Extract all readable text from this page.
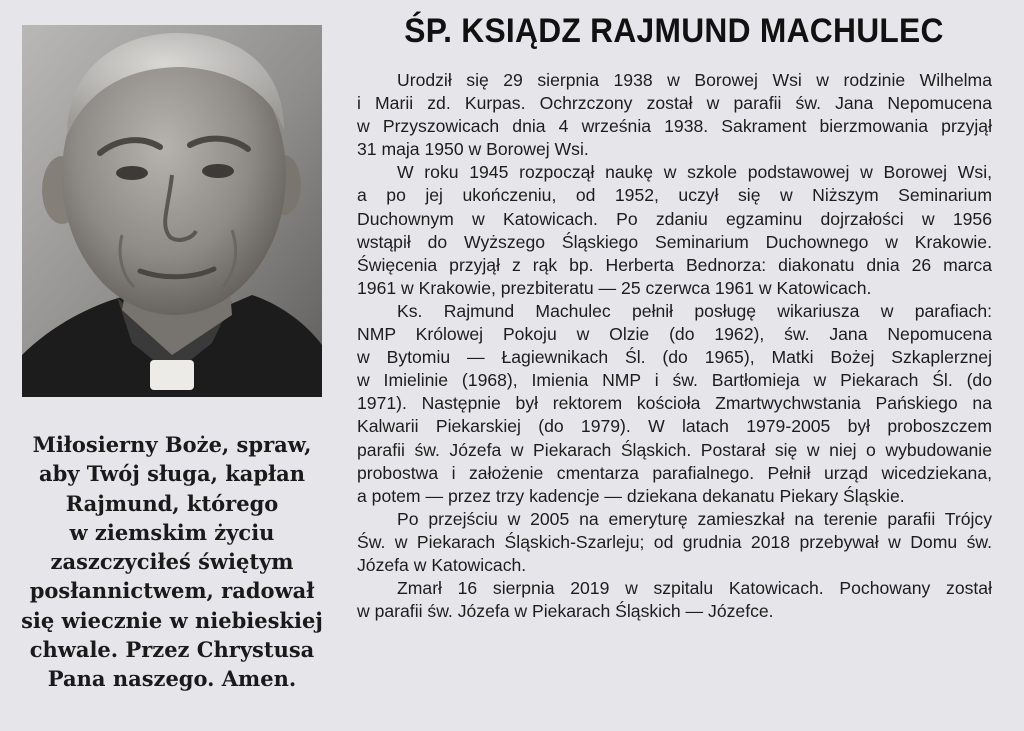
ŚP. KSIĄDZ RAJMUND MACHULEC
Miłosierny Boże, spraw,
aby Twój sługa, kapłan
Rajmund, którego
w ziemskim życiu
zaszczyciłeś świętym
posłannictwem, radował
się wiecznie w niebieskiej
chwale. Przez Chrystusa
Pana naszego. Amen.
Urodził się 29 sierpnia 1938 w Borowej Wsi w rodzinie Wilhelma
i Marii zd. Kurpas. Ochrzczony został w parafii św. Jana Nepomucena
w Przyszowicach dnia 4 września 1938. Sakrament bierzmowania przyjął
31 maja 1950 w Borowej Wsi.
W roku 1945 rozpoczął naukę w szkole podstawowej w Borowej Wsi,
a po jej ukończeniu, od 1952, uczył się w Niższym Seminarium
Duchownym w Katowicach. Po zdaniu egzaminu dojrzałości w 1956
wstąpił do Wyższego Śląskiego Seminarium Duchownego w Krakowie.
Święcenia przyjął z rąk bp. Herberta Bednorza: diakonatu dnia 26 marca
1961 w Krakowie, prezbiteratu — 25 czerwca 1961 w Katowicach.
Ks. Rajmund Machulec pełnił posługę wikariusza w parafiach:
NMP Królowej Pokoju w Olzie (do 1962), św. Jana Nepomucena
w Bytomiu — Łagiewnikach Śl. (do 1965), Matki Bożej Szkaplerznej
w Imielinie (1968), Imienia NMP i św. Bartłomieja w Piekarach Śl. (do
1971). Następnie był rektorem kościoła Zmartwychwstania Pańskiego na
Kalwarii Piekarskiej (do 1979). W latach 1979-2005 był proboszczem
parafii św. Józefa w Piekarach Śląskich. Postarał się w niej o wybudowanie
probostwa i założenie cmentarza parafialnego. Pełnił urząd wicedziekana,
a potem — przez trzy kadencje — dziekana dekanatu Piekary Śląskie.
Po przejściu w 2005 na emeryturę zamieszkał na terenie parafii Trójcy
Św. w Piekarach Śląskich-Szarleju; od grudnia 2018 przebywał w Domu św.
Józefa w Katowicach.
Zmarł 16 sierpnia 2019 w szpitalu Katowicach. Pochowany został
w parafii św. Józefa w Piekarach Śląskich — Józefce.
